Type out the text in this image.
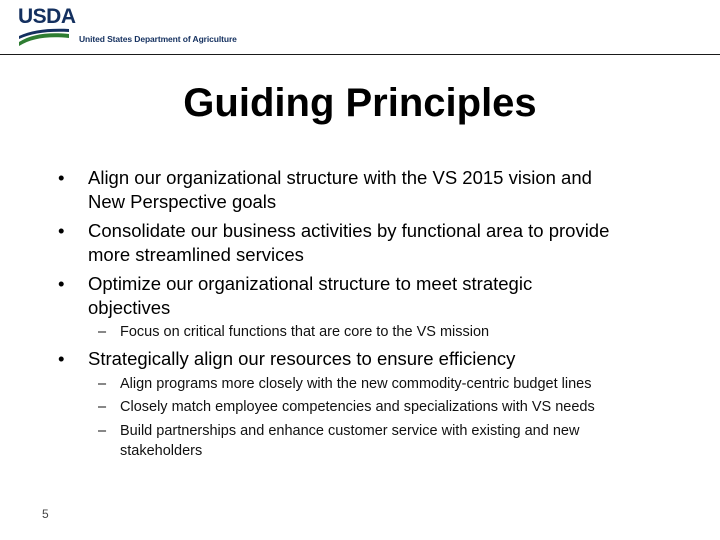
USDA
United States Department of Agriculture
Guiding Principles
•	Align our organizational structure with the VS 2015 vision and
New Perspective goals
•	Consolidate our business activities by functional area to provide
more streamlined services
•	Optimize our organizational structure to meet strategic
objectives
– Focus on critical functions that are core to the VS mission
•	Strategically align our resources to ensure efficiency
– Align programs more closely with the new commodity-centric budget lines
– Closely match employee competencies and specializations with VS needs
– Build partnerships and enhance customer service with existing and new
stakeholders
5
